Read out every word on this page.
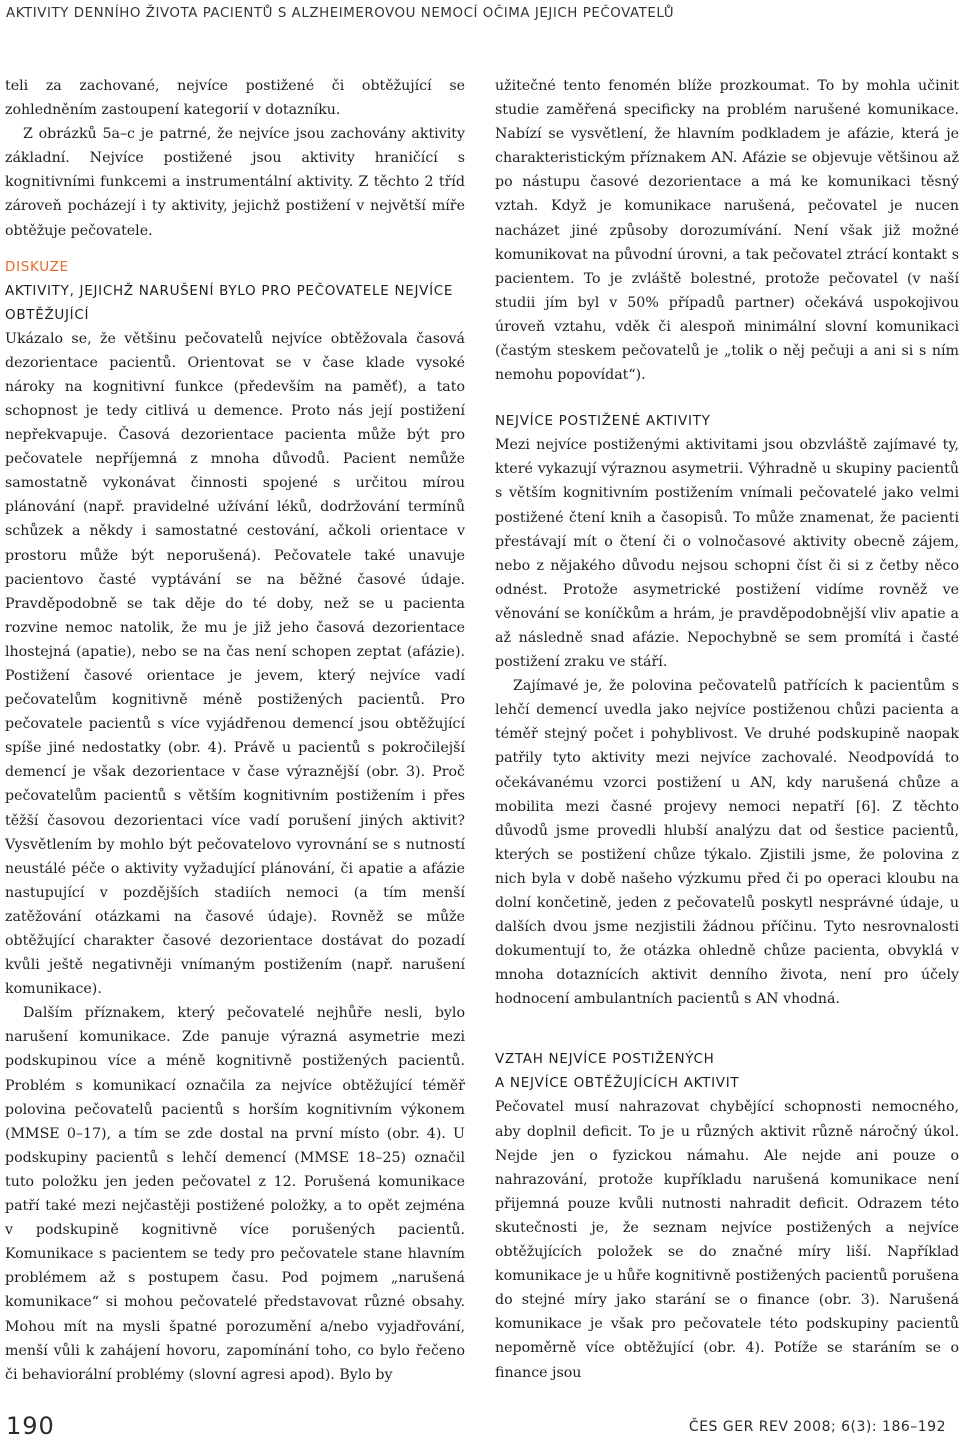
AKTIVITY DENNÍHO ŽIVOTA PACIENTŮ S ALZHEIMEROVOU NEMOCÍ OČIMA JEJICH PEČOVATELŮ

teli za zachované, nejvíce postižené či obtěžující se zohledněním zastoupení kategorií v dotazníku.

Z obrázků 5a–c je patrné, že nejvíce jsou zachovány aktivity základní. Nejvíce postižené jsou aktivity hraničící s kognitivními funkcemi a instrumentální aktivity. Z těchto 2 tříd zároveň pocházejí i ty aktivity, jejichž postižení v největší míře obtěžuje pečovatele.

DISKUZE
AKTIVITY, JEJICHŽ NARUŠENÍ BYLO PRO PEČOVATELE NEJVÍCE OBTĚŽUJÍCÍ

Ukázalo se, že většinu pečovatelů nejvíce obtěžovala časová dezorientace pacientů. Orientovat se v čase klade vysoké nároky na kognitivní funkce (především na paměť), a tato schopnost je tedy citlivá u demence. Proto nás její postižení nepřekvapuje. Časová dezorientace pacienta může být pro pečovatele nepříjemná z mnoha důvodů. Pacient nemůže samostatně vykonávat činnosti spojené s určitou mírou plánování (např. pravidelné užívání léků, dodržování termínů schůzek a někdy i samostatné cestování, ačkoli orientace v prostoru může být neporušená). Pečovatele také unavuje pacientovo časté vyptávání se na běžné časové údaje. Pravděpodobně se tak děje do té doby, než se u pacienta rozvine nemoc natolik, že mu je již jeho časová dezorientace lhostejná (apatie), nebo se na čas není schopen zeptat (afázie). Postižení časové orientace je jevem, který nejvíce vadí pečovatelům kognitivně méně postižených pacientů. Pro pečovatele pacientů s více vyjádřenou demencí jsou obtěžující spíše jiné nedostatky (obr. 4). Právě u pacientů s pokročilejší demencí je však dezorientace v čase výraznější (obr. 3). Proč pečovatelům pacientů s větším kognitivním postižením i přes těžší časovou dezorientaci více vadí porušení jiných aktivit? Vysvětlením by mohlo být pečovatelovo vyrovnání se s nutností neustálé péče o aktivity vyžadující plánování, či apatie a afázie nastupující v pozdějších stadiích nemoci (a tím menší zatěžování otázkami na časové údaje). Rovněž se může obtěžující charakter časové dezorientace dostávat do pozadí kvůli ještě negativněji vnímaným postižením (např. narušení komunikace).

Dalším příznakem, který pečovatelé nejhůře nesli, bylo narušení komunikace. Zde panuje výrazná asymetrie mezi podskupinou více a méně kognitivně postižených pacientů. Problém s komunikací označila za nejvíce obtěžující téměř polovina pečovatelů pacientů s horším kognitivním výkonem (MMSE 0–17), a tím se zde dostal na první místo (obr. 4). U podskupiny pacientů s lehčí demencí (MMSE 18–25) označil tuto položku jen jeden pečovatel z 12. Porušená komunikace patří také mezi nejčastěji postižené položky, a to opět zejména v podskupině kognitivně více porušených pacientů. Komunikace s pacientem se tedy pro pečovatele stane hlavním problémem až s postupem času. Pod pojmem „narušená komunikace“ si mohou pečovatelé představovat různé obsahy. Mohou mít na mysli špatné porozumění a/nebo vyjadřování, menší vůli k zahájení hovoru, zapomínání toho, co bylo řečeno či behaviorální problémy (slovní agresi apod). Bylo by

užitečné tento fenomén blíže prozkoumat. To by mohla učinit studie zaměřená specificky na problém narušené komunikace. Nabízí se vysvětlení, že hlavním podkladem je afázie, která je charakteristickým příznakem AN. Afázie se objevuje většinou až po nástupu časové dezorientace a má ke komunikaci těsný vztah. Když je komunikace narušená, pečovatel je nucen nacházet jiné způsoby dorozumívání. Není však již možné komunikovat na původní úrovni, a tak pečovatel ztrácí kontakt s pacientem. To je zvláště bolestné, protože pečovatel (v naší studii jím byl v 50% případů partner) očekává uspokojivou úroveň vztahu, vděk či alespoň minimální slovní komunikaci (častým steskem pečovatelů je „tolik o něj pečuji a ani si s ním nemohu popovídat“).

NEJVÍCE POSTIŽENÉ AKTIVITY

Mezi nejvíce postiženými aktivitami jsou obzvláště zajímavé ty, které vykazují výraznou asymetrii. Výhradně u skupiny pacientů s větším kognitivním postižením vnímali pečovatelé jako velmi postižené čtení knih a časopisů. To může znamenat, že pacienti přestávají mít o čtení či o volnočasové aktivity obecně zájem, nebo z nějakého důvodu nejsou schopni číst či si z četby něco odnést. Protože asymetrické postižení vidíme rovněž ve věnování se koníčkům a hrám, je pravděpodobnější vliv apatie a až následně snad afázie. Nepochybně se sem promítá i časté postižení zraku ve stáří.

Zajímavé je, že polovina pečovatelů patřících k pacientům s lehčí demencí uvedla jako nejvíce postiženou chůzi pacienta a téměř stejný počet i pohyblivost. Ve druhé podskupině naopak patřily tyto aktivity mezi nejvíce zachovalé. Neodpovídá to očekávanému vzorci postižení u AN, kdy narušená chůze a mobilita mezi časné projevy nemoci nepatří [6]. Z těchto důvodů jsme provedli hlubší analýzu dat od šestice pacientů, kterých se postižení chůze týkalo. Zjistili jsme, že polovina z nich byla v době našeho výzkumu před či po operaci kloubu na dolní končetině, jeden z pečovatelů poskytl nesprávné údaje, u dalších dvou jsme nezjistili žádnou příčinu. Tyto nesrovnalosti dokumentují to, že otázka ohledně chůze pacienta, obvyklá v mnoha dotaznících aktivit denního života, není pro účely hodnocení ambulantních pacientů s AN vhodná.

VZTAH NEJVÍCE POSTIŽENÝCH
A NEJVÍCE OBTĚŽUJÍCÍCH AKTIVIT

Pečovatel musí nahrazovat chybějící schopnosti nemocného, aby doplnil deficit. To je u různých aktivit různě náročný úkol. Nejde jen o fyzickou námahu. Ale nejde ani pouze o nahrazování, protože kupříkladu narušená komunikace není přijemná pouze kvůli nutnosti nahradit deficit. Odrazem této skutečnosti je, že seznam nejvíce postižených a nejvíce obtěžujících položek se do značné míry liší. Například komunikace je u hůře kognitivně postižených pacientů porušena do stejné míry jako starání se o finance (obr. 3). Narušená komunikace je však pro pečovatele této podskupiny pacientů nepoměrně více obtěžující (obr. 4). Potíže se staráním se o finance jsou

190	ČES GER REV 2008; 6(3): 186–192
